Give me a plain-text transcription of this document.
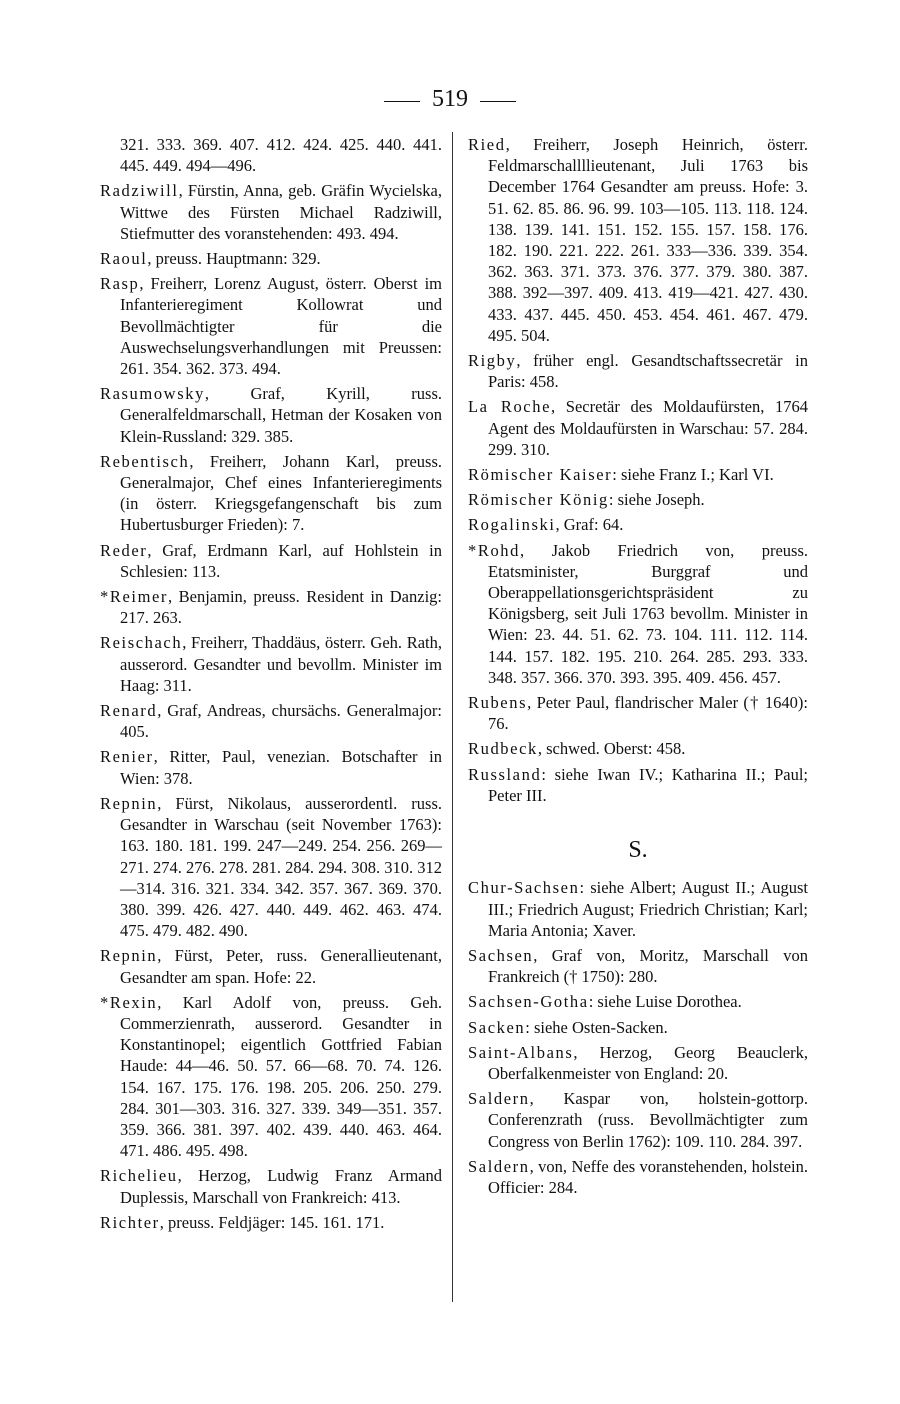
519
321. 333. 369. 407. 412. 424. 425. 440. 441. 445. 449. 494—496.
Radziwill, Fürstin, Anna, geb. Gräfin Wycielska, Wittwe des Fürsten Michael Radziwill, Stiefmutter des voranstehenden: 493. 494.
Raoul, preuss. Hauptmann: 329.
Rasp, Freiherr, Lorenz August, österr. Oberst im Infanterieregiment Kollowrat und Bevollmächtigter für die Auswechselungsverhandlungen mit Preussen: 261. 354. 362. 373. 494.
Rasumowsky, Graf, Kyrill, russ. Generalfeldmarschall, Hetman der Kosaken von Klein-Russland: 329. 385.
Rebentisch, Freiherr, Johann Karl, preuss. Generalmajor, Chef eines Infanterieregiments (in österr. Kriegsgefangenschaft bis zum Hubertusburger Frieden): 7.
Reder, Graf, Erdmann Karl, auf Hohlstein in Schlesien: 113.
*Reimer, Benjamin, preuss. Resident in Danzig: 217. 263.
Reischach, Freiherr, Thaddäus, österr. Geh. Rath, ausserord. Gesandter und bevollm. Minister im Haag: 311.
Renard, Graf, Andreas, chursächs. Generalmajor: 405.
Renier, Ritter, Paul, venezian. Botschafter in Wien: 378.
Repnin, Fürst, Nikolaus, ausserordentl. russ. Gesandter in Warschau (seit November 1763): 163. 180. 181. 199. 247—249. 254. 256. 269—271. 274. 276. 278. 281. 284. 294. 308. 310. 312—314. 316. 321. 334. 342. 357. 367. 369. 370. 380. 399. 426. 427. 440. 449. 462. 463. 474. 475. 479. 482. 490.
Repnin, Fürst, Peter, russ. Generallieutenant, Gesandter am span. Hofe: 22.
*Rexin, Karl Adolf von, preuss. Geh. Commerzienrath, ausserord. Gesandter in Konstantinopel; eigentlich Gottfried Fabian Haude: 44—46. 50. 57. 66—68. 70. 74. 126. 154. 167. 175. 176. 198. 205. 206. 250. 279. 284. 301—303. 316. 327. 339. 349—351. 357. 359. 366. 381. 397. 402. 439. 440. 463. 464. 471. 486. 495. 498.
Richelieu, Herzog, Ludwig Franz Armand Duplessis, Marschall von Frankreich: 413.
Richter, preuss. Feldjäger: 145. 161. 171.
Ried, Freiherr, Joseph Heinrich, österr. Feldmarschallllieutenant, Juli 1763 bis December 1764 Gesandter am preuss. Hofe: 3. 51. 62. 85. 86. 96. 99. 103—105. 113. 118. 124. 138. 139. 141. 151. 152. 155. 157. 158. 176. 182. 190. 221. 222. 261. 333—336. 339. 354. 362. 363. 371. 373. 376. 377. 379. 380. 387. 388. 392—397. 409. 413. 419—421. 427. 430. 433. 437. 445. 450. 453. 454. 461. 467. 479. 495. 504.
Rigby, früher engl. Gesandtschaftssecretär in Paris: 458.
La Roche, Secretär des Moldaufürsten, 1764 Agent des Moldaufürsten in Warschau: 57. 284. 299. 310.
Römischer Kaiser: siehe Franz I.; Karl VI.
Römischer König: siehe Joseph.
Rogalinski, Graf: 64.
*Rohd, Jakob Friedrich von, preuss. Etatsminister, Burggraf und Oberappellationsgerichtspräsident zu Königsberg, seit Juli 1763 bevollm. Minister in Wien: 23. 44. 51. 62. 73. 104. 111. 112. 114. 144. 157. 182. 195. 210. 264. 285. 293. 333. 348. 357. 366. 370. 393. 395. 409. 456. 457.
Rubens, Peter Paul, flandrischer Maler († 1640): 76.
Rudbeck, schwed. Oberst: 458.
Russland: siehe Iwan IV.; Katharina II.; Paul; Peter III.
S.
Chur-Sachsen: siehe Albert; August II.; August III.; Friedrich August; Friedrich Christian; Karl; Maria Antonia; Xaver.
Sachsen, Graf von, Moritz, Marschall von Frankreich († 1750): 280.
Sachsen-Gotha: siehe Luise Dorothea.
Sacken: siehe Osten-Sacken.
Saint-Albans, Herzog, Georg Beauclerk, Oberfalkenmeister von England: 20.
Saldern, Kaspar von, holstein-gottorp. Conferenzrath (russ. Bevollmächtigter zum Congress von Berlin 1762): 109. 110. 284. 397.
Saldern, von, Neffe des voranstehenden, holstein. Officier: 284.
